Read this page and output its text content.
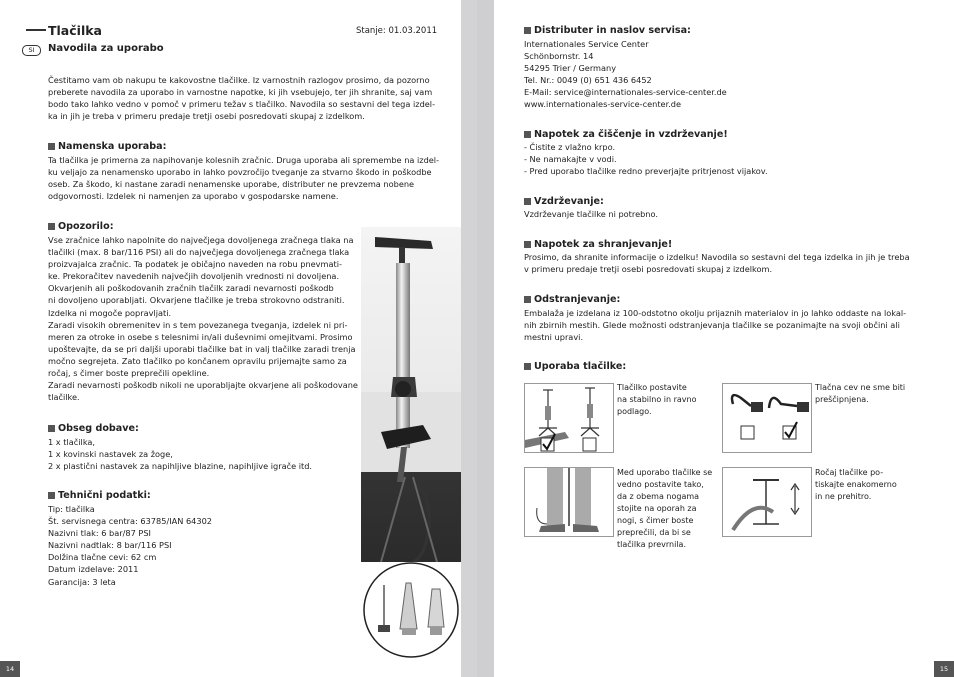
Tlačilka	Stanje: 01.03.2011
SI	Navodila za uporabo

Čestitamo vam ob nakupu te kakovostne tlačilke. Iz varnostnih razlogov prosimo, da pozorno

preberete navodila za uporabo in varnostne napotke, ki jih vsebujejo, ter jih shranite, saj vam

bodo tako lahko vedno v pomoč v primeru težav s tlačilko. Navodila so sestavni del tega izdel-

ka in jih je treba v primeru predaje tretji osebi posredovati skupaj z izdelkom.

Namenska uporaba:

Ta tlačilka je primerna za napihovanje kolesnih zračnic. Druga uporaba ali spremembe na izdel-

ku veljajo za nenamensko uporabo in lahko povzročijo tveganje za stvarno škodo in poškodbe

oseb. Za škodo, ki nastane zaradi nenamenske uporabe, distributer ne prevzema nobene

odgovornosti. Izdelek ni namenjen za uporabo v gospodarske namene.

Opozorilo:

Vse zračnice lahko napolnite do največjega dovoljenega zračnega tlaka na

tlačilki (max. 8 bar/116 PSI) ali do največjega dovoljenega zračnega tlaka

proizvajalca zračnic. Ta podatek je običajno naveden na robu pnevmati-

ke. Prekoračitev navedenih največjih dovoljenih vrednosti ni dovoljena.

Okvarjenih ali poškodovanih zračnih tlačilk zaradi nevarnosti poškodb

ni dovoljeno uporabljati. Okvarjene tlačilke je treba strokovno odstraniti.

Izdelka ni mogoče popravljati.

Zaradi visokih obremenitev in s tem povezanega tveganja, izdelek ni pri-

meren za otroke in osebe s telesnimi in/ali duševnimi omejitvami. Prosimo

upoštevajte, da se pri daljši uporabi tlačilke bat in valj tlačilke zaradi trenja

močno segrejeta. Zato tlačilko po končanem opravilu prijemajte samo za

ročaj, s čimer boste preprečili opekline.

Zaradi nevarnosti poškodb nikoli ne uporabljajte okvarjene ali poškodovane

tlačilke.

Obseg dobave:

1 x tlačilka,

1 x kovinski nastavek za žoge,

2 x plastični nastavek za napihljive blazine, napihljive igrače itd.

Tehnični podatki:

Tip: tlačilka

Št. servisnega centra: 63785/IAN 64302

Nazivni tlak: 6 bar/87 PSI

Nazivni nadtlak: 8 bar/116 PSI

Dolžina tlačne cevi: 62 cm

Datum izdelave: 2011

Garancija: 3 leta

14
Distributer in naslov servisa:

Internationales Service Center

Schönbornstr. 14

54295 Trier / Germany

Tel. Nr.: 0049 (0) 651 436 6452

E-Mail: service@internationales-service-center.de

www.internationales-service-center.de

Napotek za čiščenje in vzdrževanje!

- Čistite z vlažno krpo.

- Ne namakajte v vodi.

- Pred uporabo tlačilke redno preverjajte pritrjenost vijakov.

Vzdrževanje:

Vzdrževanje tlačilke ni potrebno.

Napotek za shranjevanje!

Prosimo, da shranite informacije o izdelku! Navodila so sestavni del tega izdelka in jih je treba

v primeru predaje tretji osebi posredovati skupaj z izdelkom.

Odstranjevanje:

Embalaža je izdelana iz 100-odstotno okolju prijaznih materialov in jo lahko oddaste na lokal-

nih zbirnih mestih. Glede možnosti odstranjevanja tlačilke se pozanimajte na svoji občini ali

mestni upravi.

Uporaba tlačilke:
Tlačilko postavite
na stabilno in ravno
podlago.
Tlačna cev ne sme biti
preščipnjena.
Med uporabo tlačilke se
vedno postavite tako,
da z obema nogama
stojite na oporah za
nogi, s čimer boste
preprečili, da bi se
tlačilka prevrnila.
Ročaj tlačilke po-
tiskajte enakomerno
in ne prehitro.
15
